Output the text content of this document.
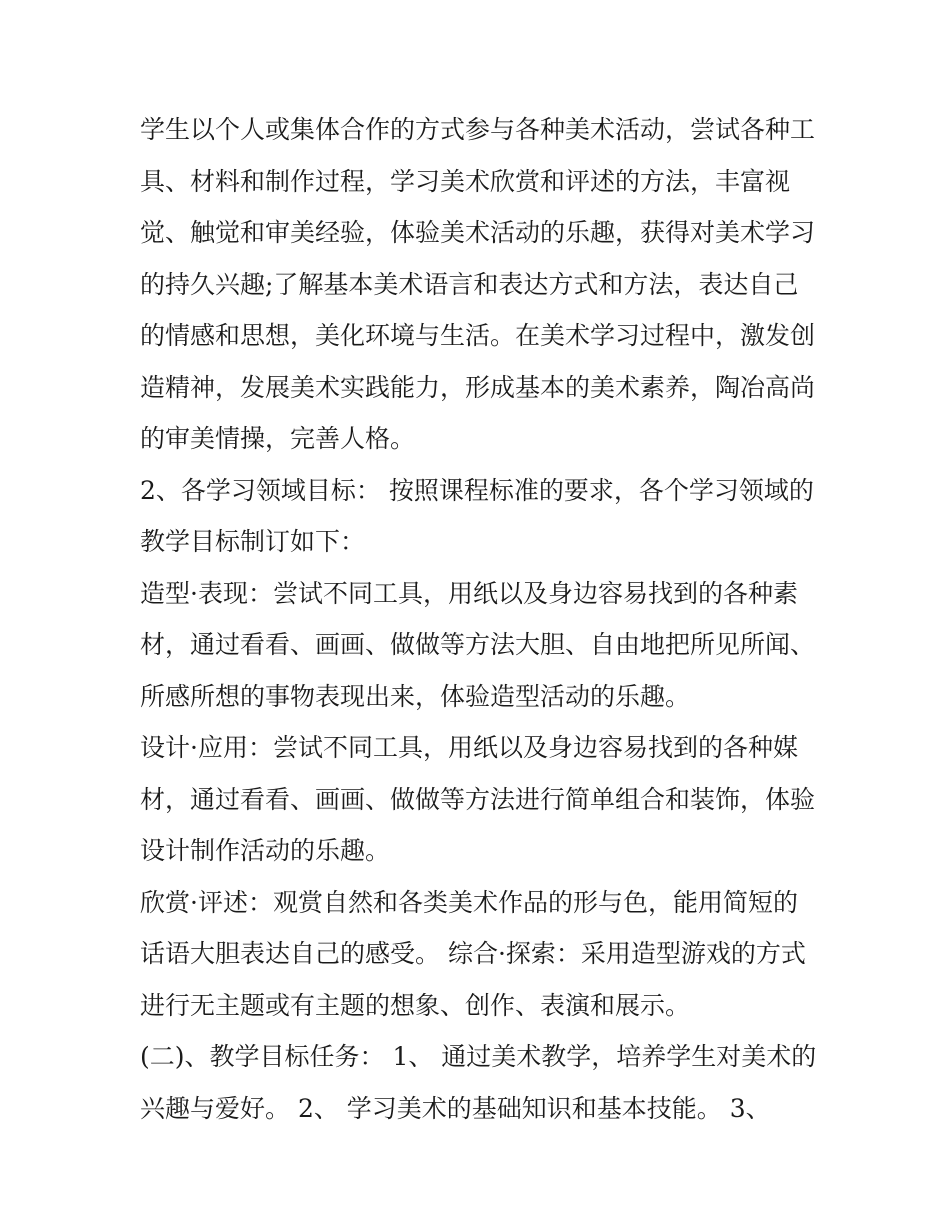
学生以个人或集体合作的方式参与各种美术活动，尝试各种工
具、材料和制作过程，学习美术欣赏和评述的方法，丰富视
觉、触觉和审美经验，体验美术活动的乐趣，获得对美术学习
的持久兴趣;了解基本美术语言和表达方式和方法，表达自己
的情感和思想，美化环境与生活。在美术学习过程中，激发创
造精神，发展美术实践能力，形成基本的美术素养，陶冶高尚
的审美情操，完善人格。
2、各学习领域目标： 按照课程标准的要求，各个学习领域的
教学目标制订如下：
造型·表现：尝试不同工具，用纸以及身边容易找到的各种素
材，通过看看、画画、做做等方法大胆、自由地把所见所闻、
所感所想的事物表现出来，体验造型活动的乐趣。
设计·应用：尝试不同工具，用纸以及身边容易找到的各种媒
材，通过看看、画画、做做等方法进行简单组合和装饰，体验
设计制作活动的乐趣。
欣赏·评述：观赏自然和各类美术作品的形与色，能用简短的
话语大胆表达自己的感受。 综合·探索：采用造型游戏的方式
进行无主题或有主题的想象、创作、表演和展示。
(二)、教学目标任务： 1、 通过美术教学，培养学生对美术的
兴趣与爱好。 2、 学习美术的基础知识和基本技能。 3、
